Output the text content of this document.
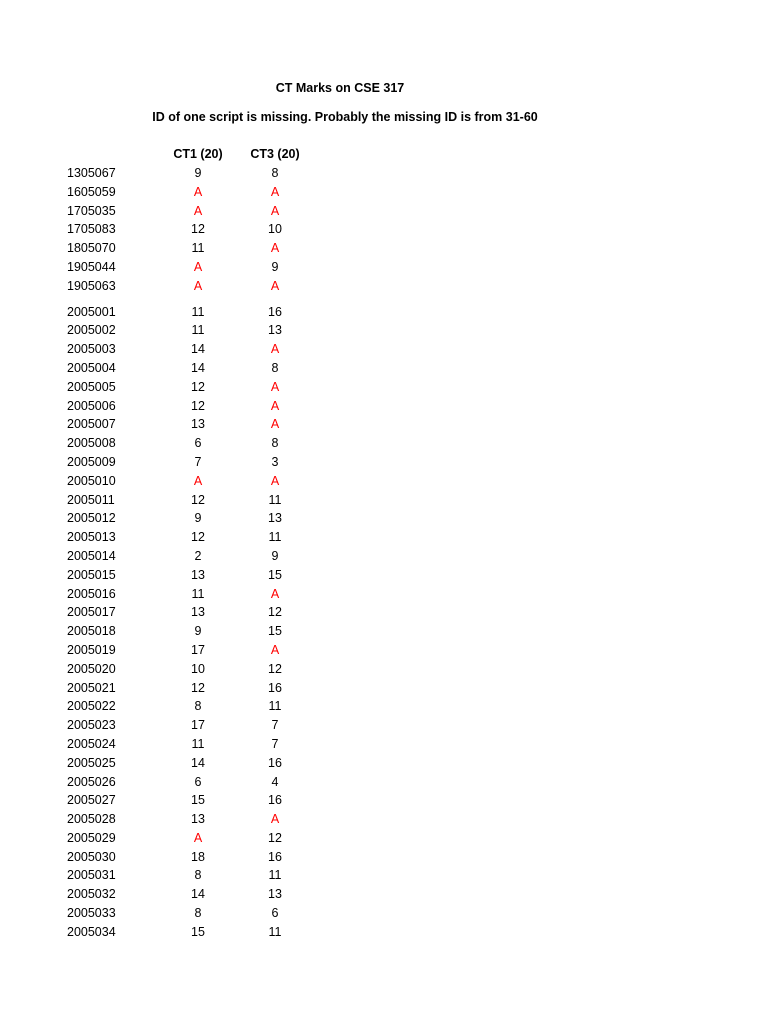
CT Marks on CSE 317
ID of one script is missing. Probably the missing ID is from 31-60
CT1 (20)	CT3 (20)
1305067	9	8
1605059	A	A
1705035	A	A
1705083	12	10
1805070	11	A
1905044	A	9
1905063	A	A
2005001	11	16
2005002	11	13
2005003	14	A
2005004	14	8
2005005	12	A
2005006	12	A
2005007	13	A
2005008	6	8
2005009	7	3
2005010	A	A
2005011	12	11
2005012	9	13
2005013	12	11
2005014	2	9
2005015	13	15
2005016	11	A
2005017	13	12
2005018	9	15
2005019	17	A
2005020	10	12
2005021	12	16
2005022	8	11
2005023	17	7
2005024	11	7
2005025	14	16
2005026	6	4
2005027	15	16
2005028	13	A
2005029	A	12
2005030	18	16
2005031	8	11
2005032	14	13
2005033	8	6
2005034	15	11
